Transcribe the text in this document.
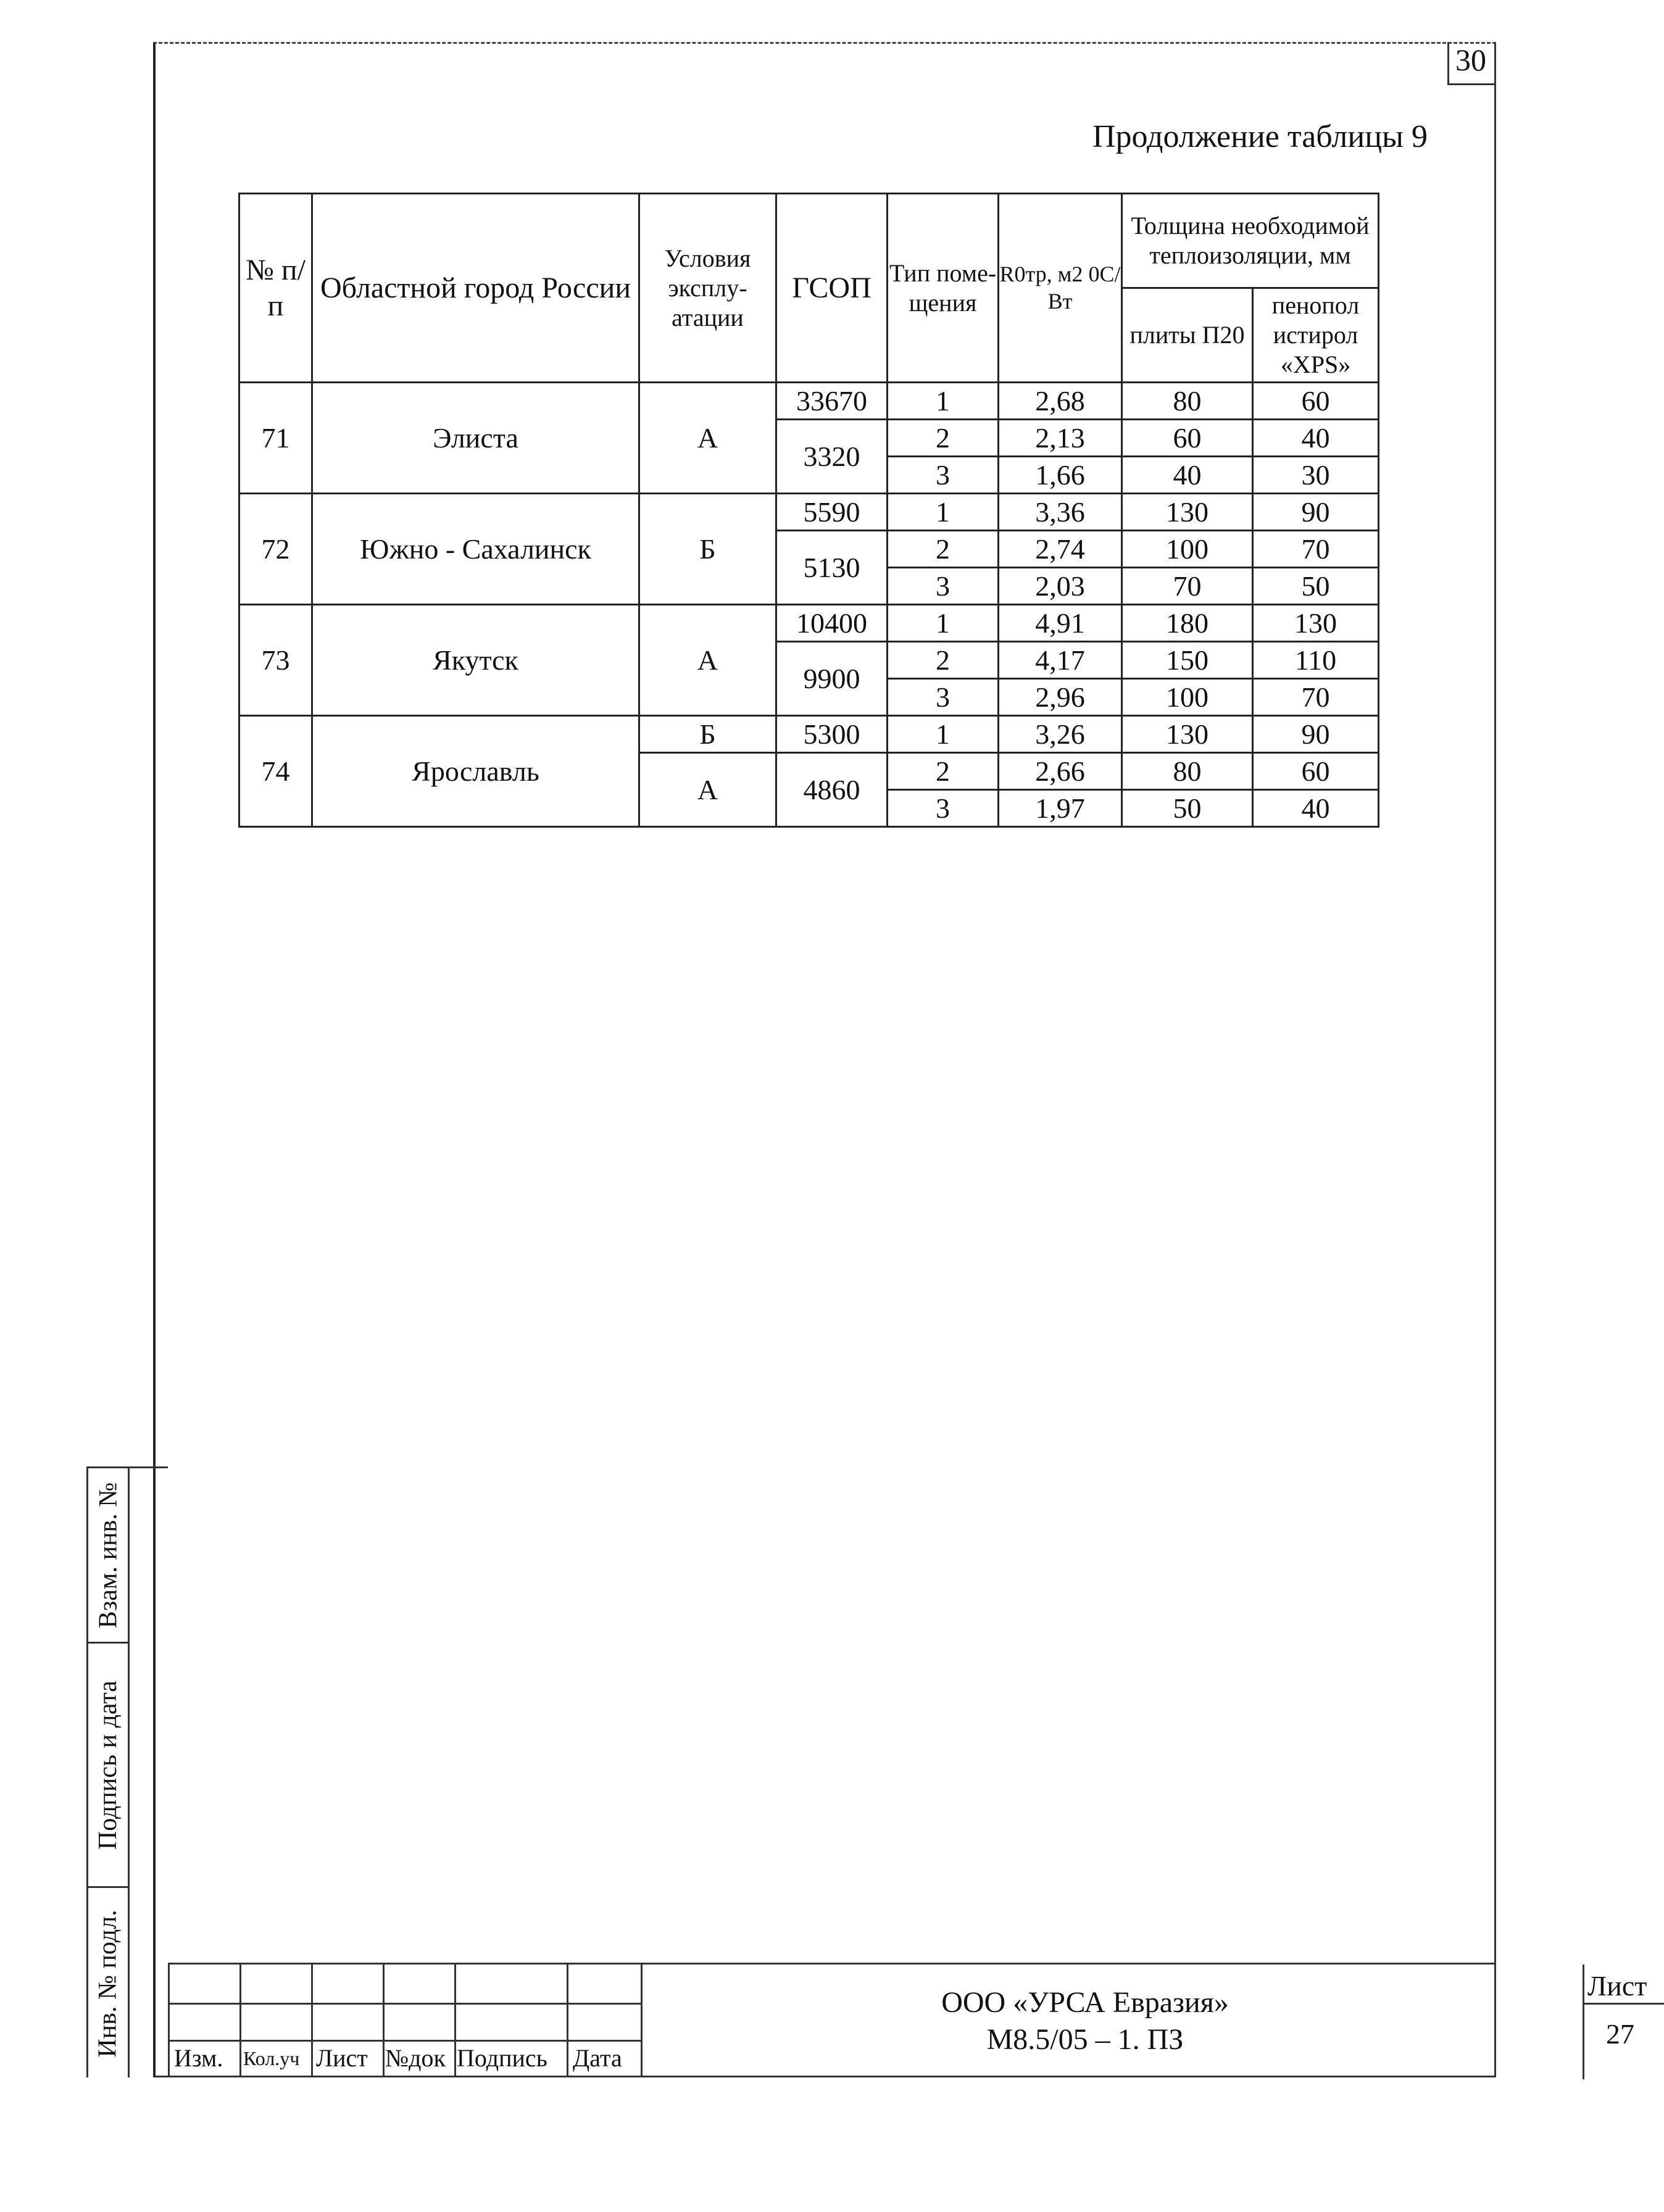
30
Продолжение таблицы 9
№ п/п	Областной город России	Условия эксплу-атации	ГСОП	Тип поме-щения	R0тр, м2 0С/Вт	Толщина необходимой теплоизоляции, мм	
						плиты П20	пенопол истирол «XPS»
71	Элиста	А	33670	1	2,68	80	60
			3320	2	2,13	60	40
				3	1,66	40	30
72	Южно - Сахалинск	Б	5590	1	3,36	130	90
			5130	2	2,74	100	70
				3	2,03	70	50
73	Якутск	А	10400	1	4,91	180	130
			9900	2	4,17	150	110
				3	2,96	100	70
74	Ярославль	Б	5300	1	3,26	130	90
		А	4860	2	2,66	80	60
				3	1,97	50	40
Взам. инв. №
Подпись и дата
Инв. № подл.
Изм. Кол.уч Лист №док Подпись Дата
ООО «УРСА Евразия»
М8.5/05 – 1. ПЗ
Лист
27
